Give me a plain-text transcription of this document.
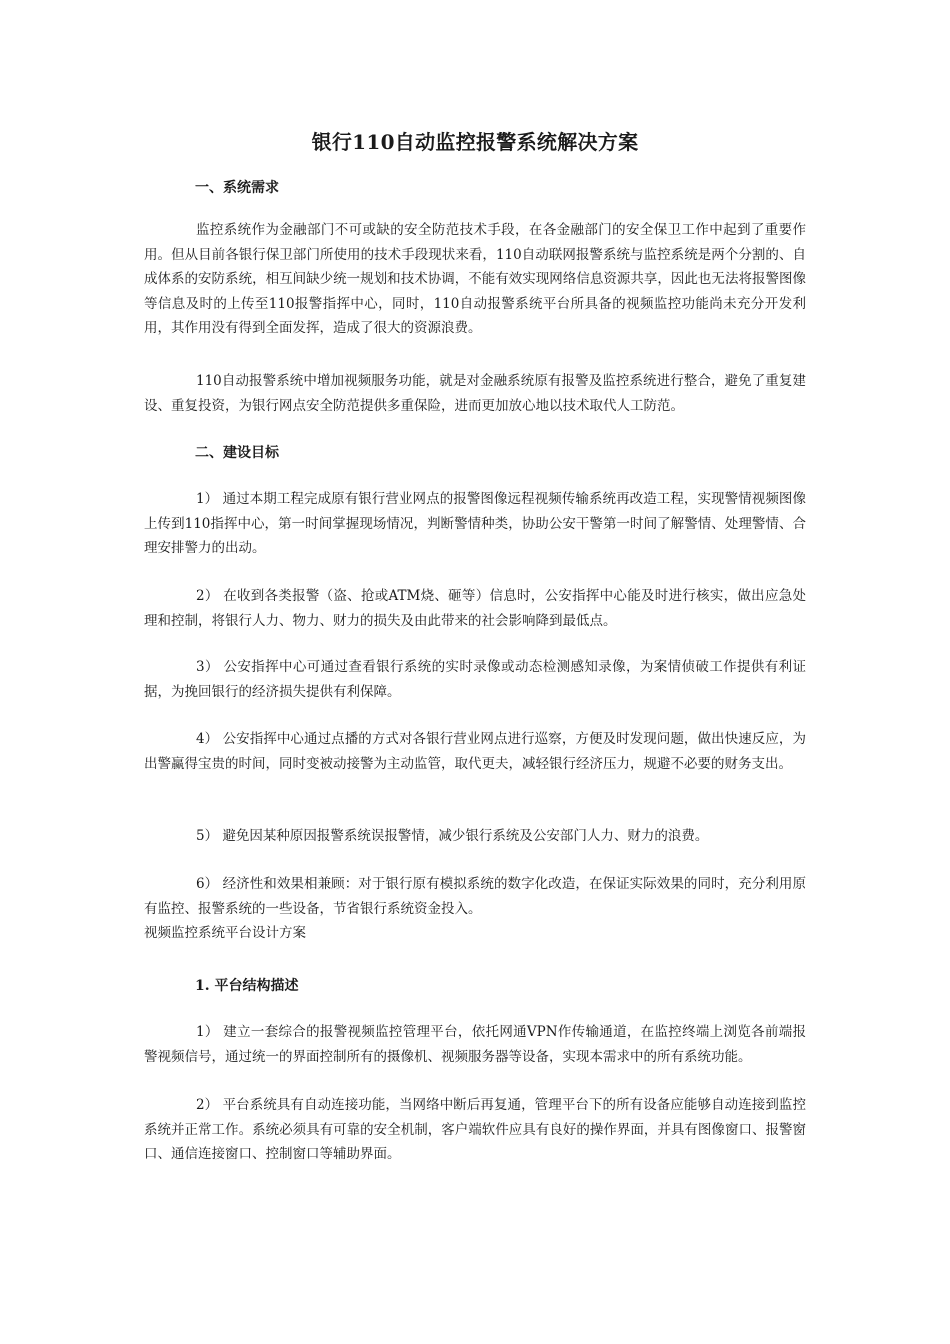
银行110自动监控报警系统解决方案
一、系统需求
监控系统作为金融部门不可或缺的安全防范技术手段，在各金融部门的安全保卫工作中起到了重要作用。但从目前各银行保卫部门所使用的技术手段现状来看，110自动联网报警系统与监控系统是两个分割的、自成体系的安防系统，相互间缺少统一规划和技术协调，不能有效实现网络信息资源共享，因此也无法将报警图像等信息及时的上传至110报警指挥中心，同时，110自动报警系统平台所具备的视频监控功能尚未充分开发利用，其作用没有得到全面发挥，造成了很大的资源浪费。
110自动报警系统中增加视频服务功能，就是对金融系统原有报警及监控系统进行整合，避免了重复建设、重复投资，为银行网点安全防范提供多重保险，进而更加放心地以技术取代人工防范。
二、建设目标
1） 通过本期工程完成原有银行营业网点的报警图像远程视频传输系统再改造工程，实现警情视频图像上传到110指挥中心，第一时间掌握现场情况，判断警情种类，协助公安干警第一时间了解警情、处理警情、合理安排警力的出动。
2） 在收到各类报警（盗、抢或ATM烧、砸等）信息时，公安指挥中心能及时进行核实，做出应急处理和控制，将银行人力、物力、财力的损失及由此带来的社会影响降到最低点。
3） 公安指挥中心可通过查看银行系统的实时录像或动态检测感知录像，为案情侦破工作提供有利证据，为挽回银行的经济损失提供有利保障。
4） 公安指挥中心通过点播的方式对各银行营业网点进行巡察，方便及时发现问题，做出快速反应，为出警赢得宝贵的时间，同时变被动接警为主动监管，取代更夫，减轻银行经济压力，规避不必要的财务支出。
5） 避免因某种原因报警系统误报警情，减少银行系统及公安部门人力、财力的浪费。
6） 经济性和效果相兼顾：对于银行原有模拟系统的数字化改造，在保证实际效果的同时，充分利用原有监控、报警系统的一些设备，节省银行系统资金投入。
视频监控系统平台设计方案
1. 平台结构描述
1） 建立一套综合的报警视频监控管理平台，依托网通VPN作传输通道，在监控终端上浏览各前端报警视频信号，通过统一的界面控制所有的摄像机、视频服务器等设备，实现本需求中的所有系统功能。
2） 平台系统具有自动连接功能，当网络中断后再复通，管理平台下的所有设备应能够自动连接到监控系统并正常工作。系统必须具有可靠的安全机制，客户端软件应具有良好的操作界面，并具有图像窗口、报警窗口、通信连接窗口、控制窗口等辅助界面。
